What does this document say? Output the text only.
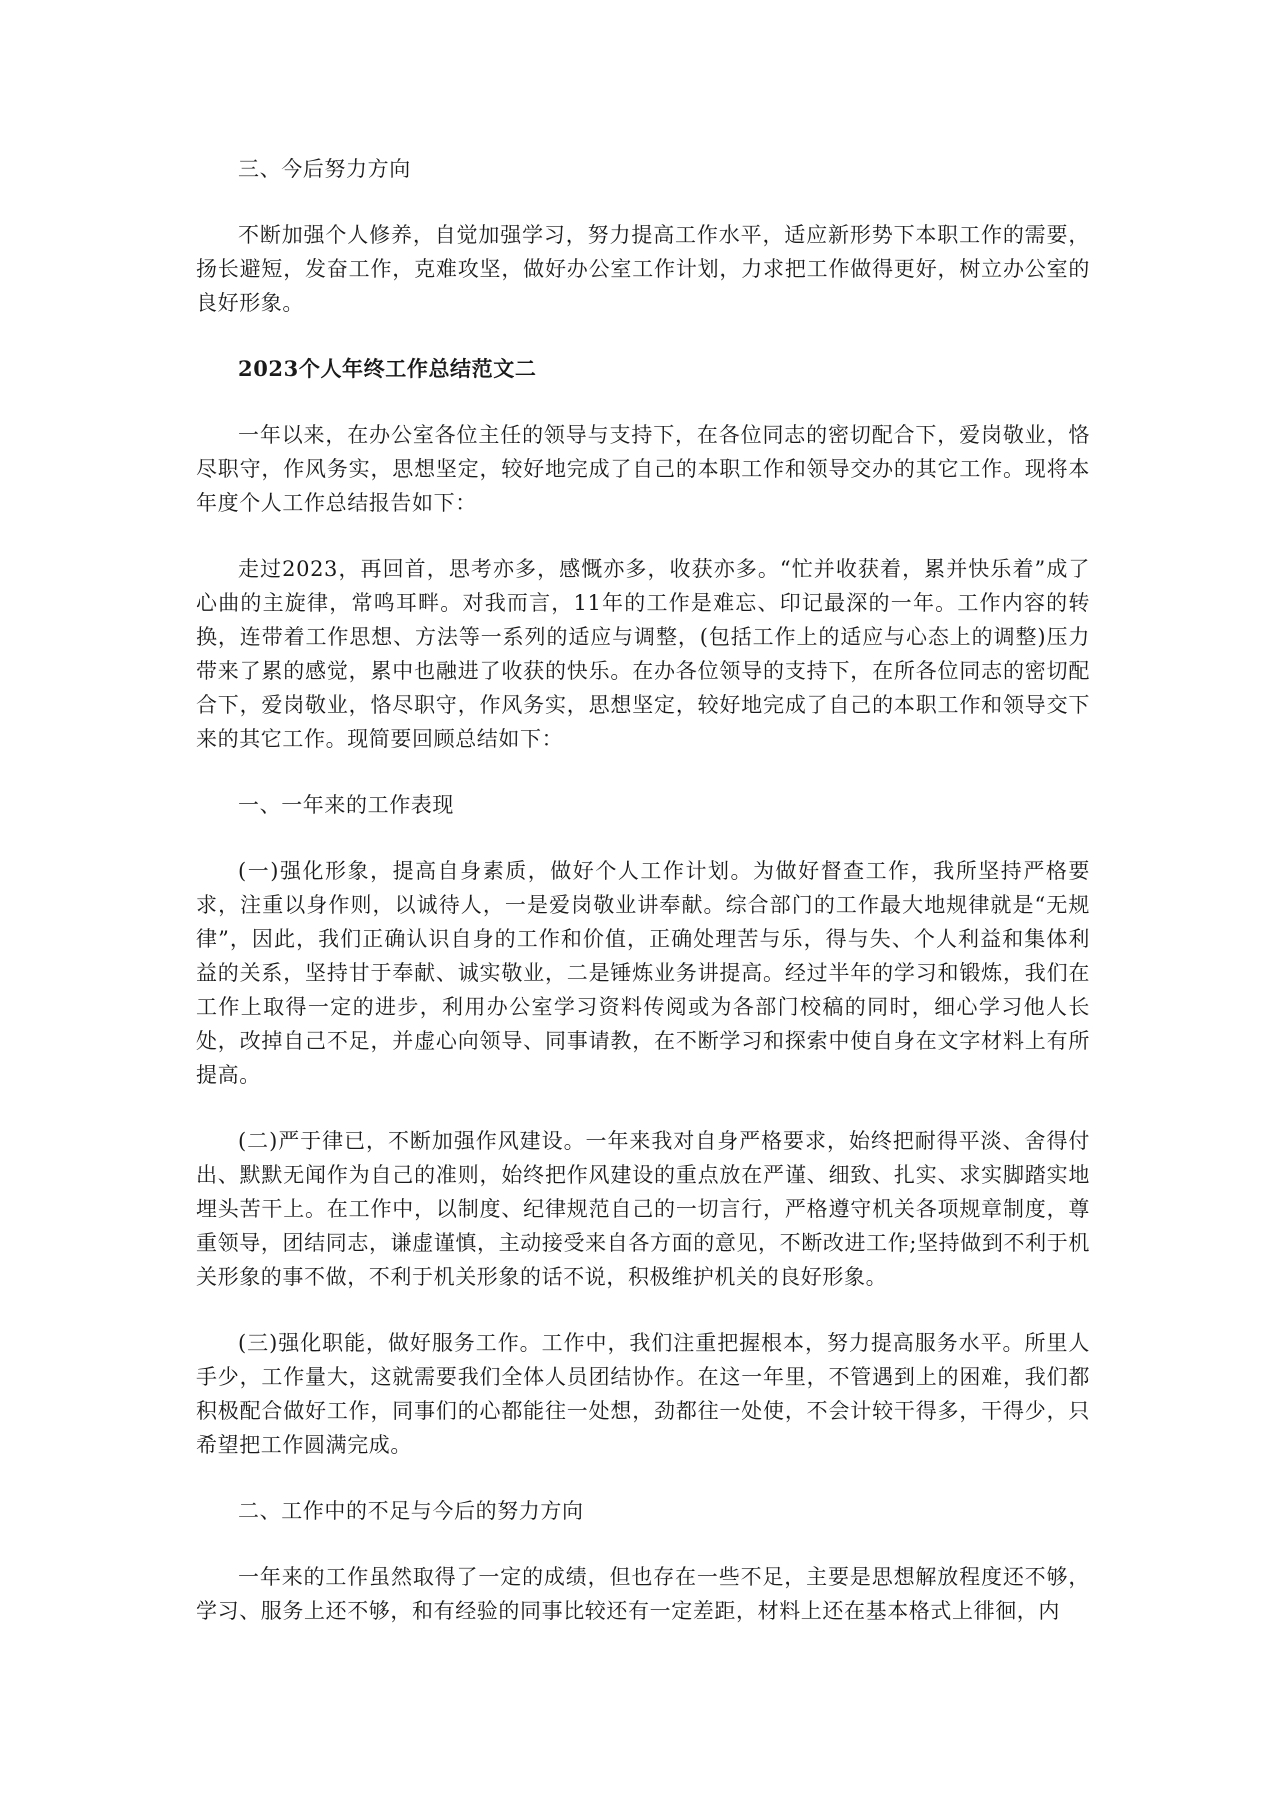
三、今后努力方向

不断加强个人修养，自觉加强学习，努力提高工作水平，适应新形势下本职工作的需要，扬长避短，发奋工作，克难攻坚，做好办公室工作计划，力求把工作做得更好，树立办公室的良好形象。

2023个人年终工作总结范文二

一年以来，在办公室各位主任的领导与支持下，在各位同志的密切配合下，爱岗敬业，恪尽职守，作风务实，思想坚定，较好地完成了自己的本职工作和领导交办的其它工作。现将本年度个人工作总结报告如下：

走过2023，再回首，思考亦多，感慨亦多，收获亦多。“忙并收获着，累并快乐着”成了心曲的主旋律，常鸣耳畔。对我而言，11年的工作是难忘、印记最深的一年。工作内容的转换，连带着工作思想、方法等一系列的适应与调整，(包括工作上的适应与心态上的调整)压力带来了累的感觉，累中也融进了收获的快乐。在办各位领导的支持下，在所各位同志的密切配合下，爱岗敬业，恪尽职守，作风务实，思想坚定，较好地完成了自己的本职工作和领导交下来的其它工作。现简要回顾总结如下：

一、一年来的工作表现

(一)强化形象，提高自身素质，做好个人工作计划。为做好督查工作，我所坚持严格要求，注重以身作则，以诚待人，一是爱岗敬业讲奉献。综合部门的工作最大地规律就是“无规律”，因此，我们正确认识自身的工作和价值，正确处理苦与乐，得与失、个人利益和集体利益的关系，坚持甘于奉献、诚实敬业，二是锤炼业务讲提高。经过半年的学习和锻炼，我们在工作上取得一定的进步，利用办公室学习资料传阅或为各部门校稿的同时，细心学习他人长处，改掉自己不足，并虚心向领导、同事请教，在不断学习和探索中使自身在文字材料上有所提高。

(二)严于律已，不断加强作风建设。一年来我对自身严格要求，始终把耐得平淡、舍得付出、默默无闻作为自己的准则，始终把作风建设的重点放在严谨、细致、扎实、求实脚踏实地埋头苦干上。在工作中，以制度、纪律规范自己的一切言行，严格遵守机关各项规章制度，尊重领导，团结同志，谦虚谨慎，主动接受来自各方面的意见，不断改进工作;坚持做到不利于机关形象的事不做，不利于机关形象的话不说，积极维护机关的良好形象。

(三)强化职能，做好服务工作。工作中，我们注重把握根本，努力提高服务水平。所里人手少，工作量大，这就需要我们全体人员团结协作。在这一年里，不管遇到上的困难，我们都积极配合做好工作，同事们的心都能往一处想，劲都往一处使，不会计较干得多，干得少，只希望把工作圆满完成。

二、工作中的不足与今后的努力方向

一年来的工作虽然取得了一定的成绩，但也存在一些不足，主要是思想解放程度还不够，学习、服务上还不够，和有经验的同事比较还有一定差距，材料上还在基本格式上徘徊，内
